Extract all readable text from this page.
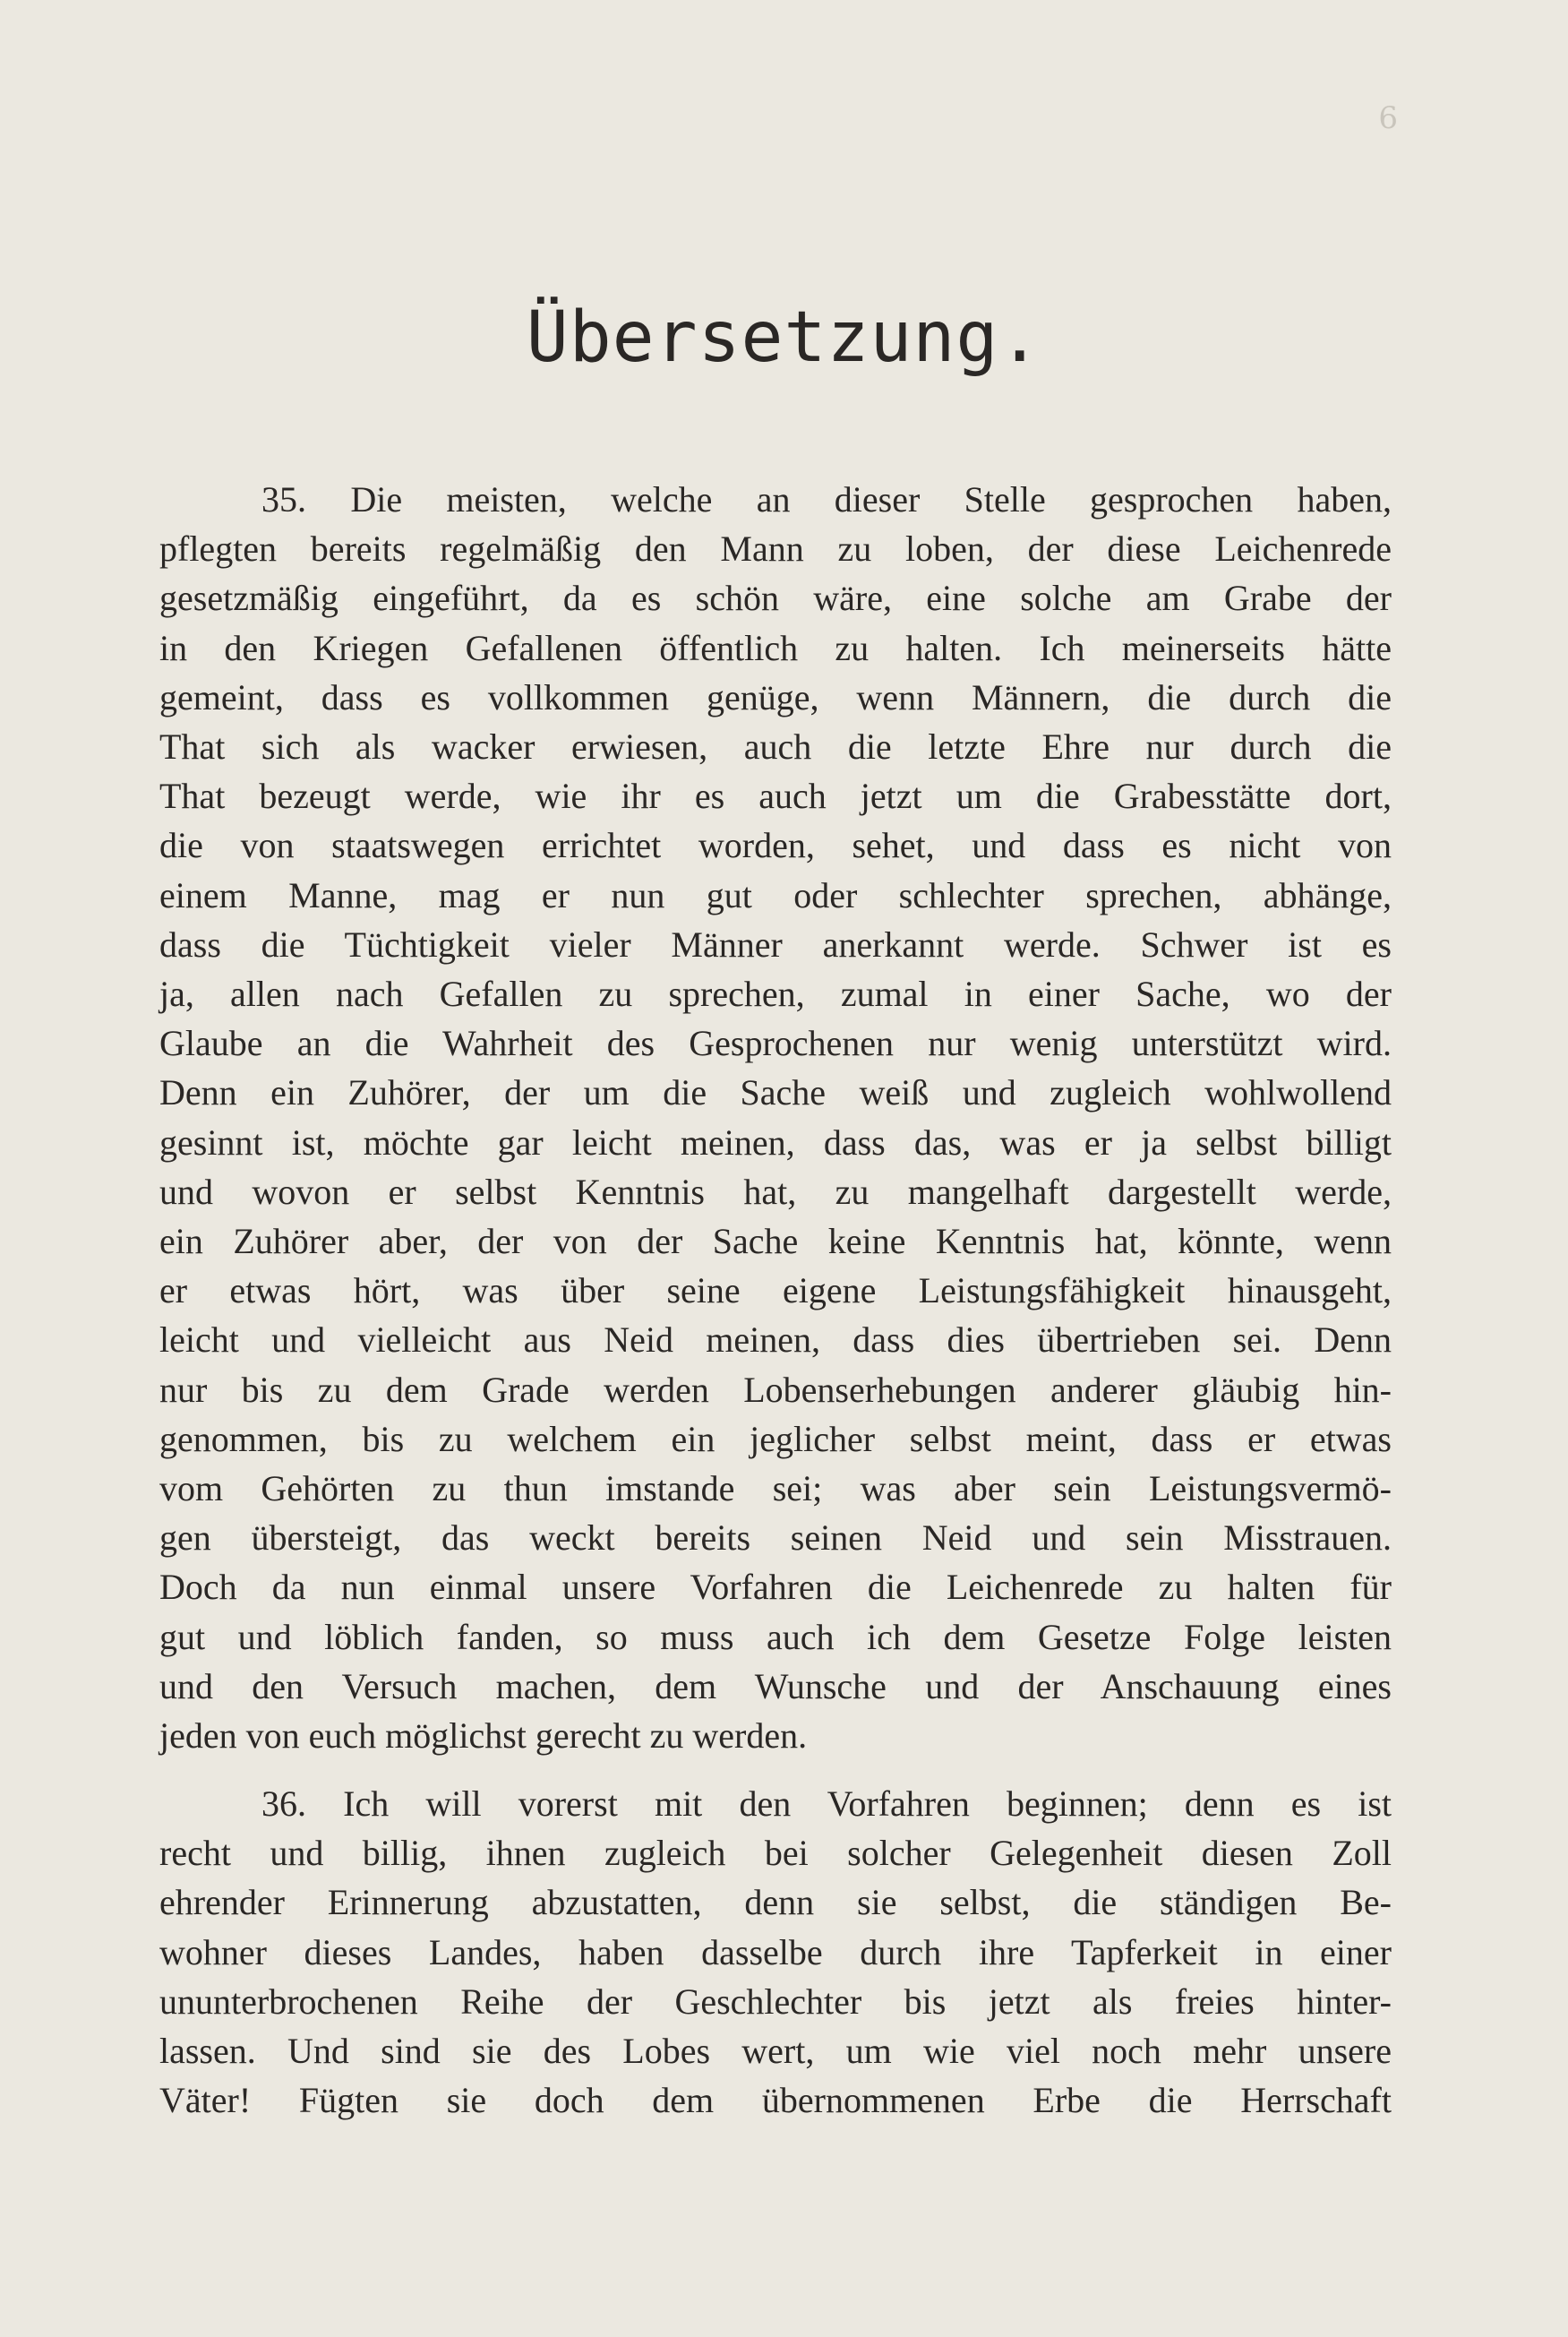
6
Übersetzung.
35. Die meisten, welche an dieser Stelle gesprochen haben,
pflegten bereits regelmäßig den Mann zu loben, der diese Leichenrede
gesetzmäßig eingeführt, da es schön wäre, eine solche am Grabe der
in den Kriegen Gefallenen öffentlich zu halten. Ich meinerseits hätte
gemeint, dass es vollkommen genüge, wenn Männern, die durch die
That sich als wacker erwiesen, auch die letzte Ehre nur durch die
That bezeugt werde, wie ihr es auch jetzt um die Grabesstätte dort,
die von staatswegen errichtet worden, sehet, und dass es nicht von
einem Manne, mag er nun gut oder schlechter sprechen, abhänge,
dass die Tüchtigkeit vieler Männer anerkannt werde. Schwer ist es
ja, allen nach Gefallen zu sprechen, zumal in einer Sache, wo der
Glaube an die Wahrheit des Gesprochenen nur wenig unterstützt wird.
Denn ein Zuhörer, der um die Sache weiß und zugleich wohlwollend
gesinnt ist, möchte gar leicht meinen, dass das, was er ja selbst billigt
und wovon er selbst Kenntnis hat, zu mangelhaft dargestellt werde,
ein Zuhörer aber, der von der Sache keine Kenntnis hat, könnte, wenn
er etwas hört, was über seine eigene Leistungsfähigkeit hinausgeht,
leicht und vielleicht aus Neid meinen, dass dies übertrieben sei. Denn
nur bis zu dem Grade werden Lobenserhebungen anderer gläubig hin-
genommen, bis zu welchem ein jeglicher selbst meint, dass er etwas
vom Gehörten zu thun imstande sei; was aber sein Leistungsvermö-
gen übersteigt, das weckt bereits seinen Neid und sein Misstrauen.
Doch da nun einmal unsere Vorfahren die Leichenrede zu halten für
gut und löblich fanden, so muss auch ich dem Gesetze Folge leisten
und den Versuch machen, dem Wunsche und der Anschauung eines
jeden von euch möglichst gerecht zu werden.
36. Ich will vorerst mit den Vorfahren beginnen; denn es ist
recht und billig, ihnen zugleich bei solcher Gelegenheit diesen Zoll
ehrender Erinnerung abzustatten, denn sie selbst, die ständigen Be-
wohner dieses Landes, haben dasselbe durch ihre Tapferkeit in einer
ununterbrochenen Reihe der Geschlechter bis jetzt als freies hinter-
lassen. Und sind sie des Lobes wert, um wie viel noch mehr unsere
Väter! Fügten sie doch dem übernommenen Erbe die Herrschaft
